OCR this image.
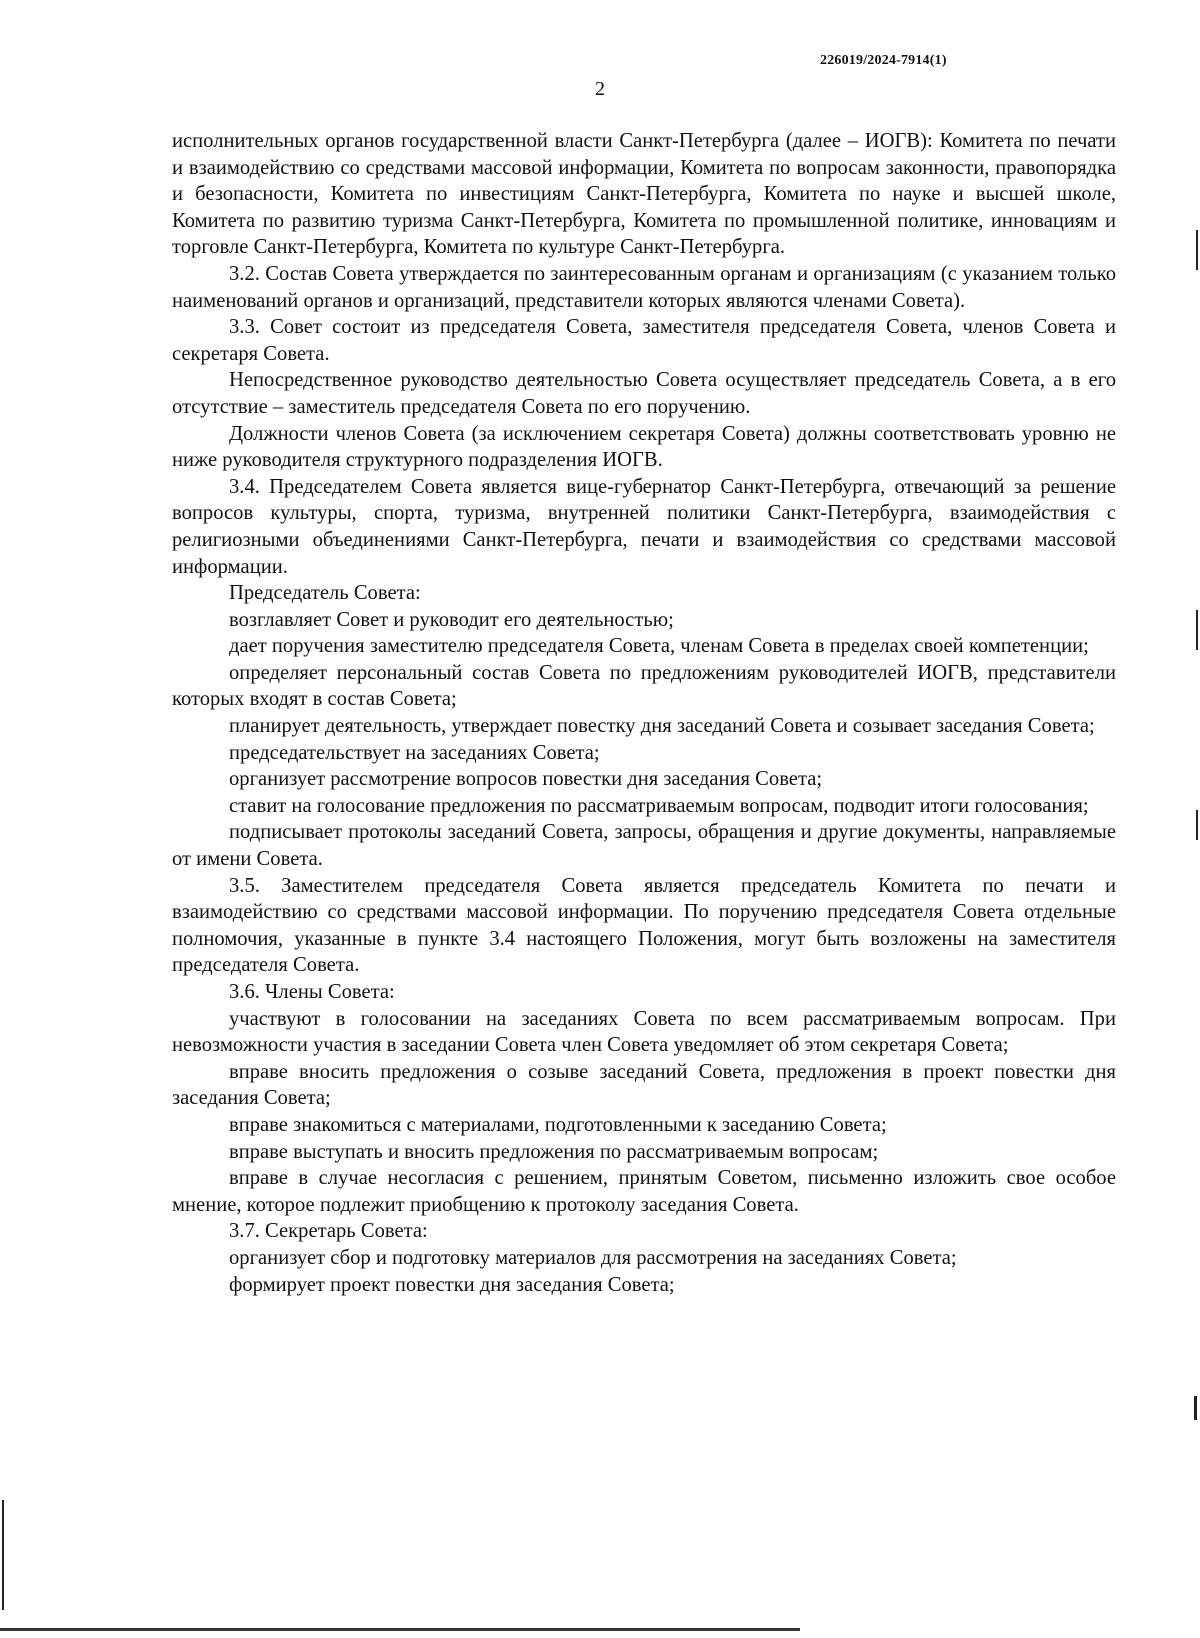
226019/2024-7914(1)
2

исполнительных органов государственной власти Санкт-Петербурга (далее – ИОГВ): Комитета по печати и взаимодействию со средствами массовой информации, Комитета по вопросам законности, правопорядка и безопасности, Комитета по инвестициям Санкт-Петербурга, Комитета по науке и высшей школе, Комитета по развитию туризма Санкт-Петербурга, Комитета по промышленной политике, инновациям и торговле Санкт-Петербурга, Комитета по культуре Санкт-Петербурга.

3.2. Состав Совета утверждается по заинтересованным органам и организациям (с указанием только наименований органов и организаций, представители которых являются членами Совета).

3.3. Совет состоит из председателя Совета, заместителя председателя Совета, членов Совета и секретаря Совета.

Непосредственное руководство деятельностью Совета осуществляет председатель Совета, а в его отсутствие – заместитель председателя Совета по его поручению.

Должности членов Совета (за исключением секретаря Совета) должны соответствовать уровню не ниже руководителя структурного подразделения ИОГВ.

3.4. Председателем Совета является вице-губернатор Санкт-Петербурга, отвечающий за решение вопросов культуры, спорта, туризма, внутренней политики Санкт-Петербурга, взаимодействия с религиозными объединениями Санкт-Петербурга, печати и взаимодействия со средствами массовой информации.

Председатель Совета:

возглавляет Совет и руководит его деятельностью;

дает поручения заместителю председателя Совета, членам Совета в пределах своей компетенции;

определяет персональный состав Совета по предложениям руководителей ИОГВ, представители которых входят в состав Совета;

планирует деятельность, утверждает повестку дня заседаний Совета и созывает заседания Совета;

председательствует на заседаниях Совета;

организует рассмотрение вопросов повестки дня заседания Совета;

ставит на голосование предложения по рассматриваемым вопросам, подводит итоги голосования;

подписывает протоколы заседаний Совета, запросы, обращения и другие документы, направляемые от имени Совета.

3.5. Заместителем председателя Совета является председатель Комитета по печати и взаимодействию со средствами массовой информации. По поручению председателя Совета отдельные полномочия, указанные в пункте 3.4 настоящего Положения, могут быть возложены на заместителя председателя Совета.

3.6. Члены Совета:

участвуют в голосовании на заседаниях Совета по всем рассматриваемым вопросам. При невозможности участия в заседании Совета член Совета уведомляет об этом секретаря Совета;

вправе вносить предложения о созыве заседаний Совета, предложения в проект повестки дня заседания Совета;

вправе знакомиться с материалами, подготовленными к заседанию Совета;

вправе выступать и вносить предложения по рассматриваемым вопросам;

вправе в случае несогласия с решением, принятым Советом, письменно изложить свое особое мнение, которое подлежит приобщению к протоколу заседания Совета.

3.7. Секретарь Совета:

организует сбор и подготовку материалов для рассмотрения на заседаниях Совета;

формирует проект повестки дня заседания Совета;
